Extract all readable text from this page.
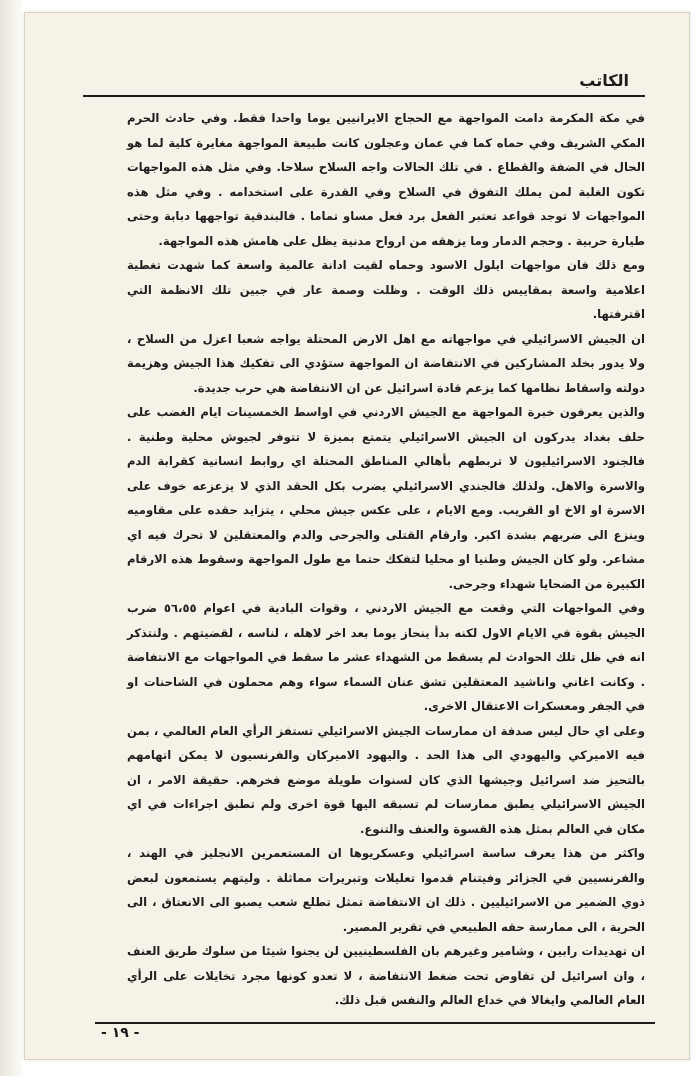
الكاتب

في مكة المكرمة دامت المواجهة مع الحجاج الايرانيين يوما واحدا فقط. وفي حادث الحرم المكي الشريف وفي حماه كما في عمان وعجلون كانت طبيعة المواجهة مغايرة كلية لما هو الحال في الضفة والقطاع . في تلك الحالات واجه السلاح سلاحا. وفي مثل هذه المواجهات تكون الغلبة لمن يملك التفوق في السلاح وفي القدرة على استخدامه . وفي مثل هذه المواجهات لا توجد قواعد تعتبر الفعل برد فعل مساو تماما . فالبندقية تواجهها دبابة وحتى طيارة حربية . وحجم الدمار وما يزهقه من ارواح مدنية يظل على هامش هذه المواجهة.

ومع ذلك فان مواجهات ايلول الاسود وحماه لقيت ادانة عالمية واسعة كما شهدت تغطية اعلامية واسعة بمقاييس ذلك الوقت . وظلت وصمة عار في جبين تلك الانظمة التي اقترفتها.

ان الجيش الاسرائيلي في مواجهاته مع اهل الارض المحتلة يواجه شعبا اعزل من السلاح ، ولا يدور بخلد المشاركين في الانتفاضة ان المواجهة ستؤدي الى تفكيك هذا الجيش وهزيمة دولته واسقاط نظامها كما يزعم قادة اسرائيل عن ان الانتفاضة هي حرب جديدة.

والذين يعرفون خبرة المواجهة مع الجيش الاردني في اواسط الخمسينات ايام الغضب على حلف بغداد يدركون ان الجيش الاسرائيلي يتمتع بميزة لا تتوفر لجيوش محلية وطنية . فالجنود الاسرائيليون لا تربطهم بأهالي المناطق المحتلة اي روابط انسانية كقرابة الدم والاسرة والاهل. ولذلك فالجندي الاسرائيلي يضرب بكل الحقد الذي لا يزعزعه خوف على الاسرة او الاخ او القريب. ومع الايام ، على عكس جيش محلي ، يتزايد حقده على مقاوميه وينزع الى ضربهم بشدة اكبر. وارقام القتلى والجرحى والدم والمعتقلين لا تحرك فيه اي مشاعر. ولو كان الجيش وطنيا او محليا لتفكك حتما مع طول المواجهة وسقوط هذه الارقام الكبيرة من الضحايا شهداء وجرحى.

وفي المواجهات التي وقعت مع الجيش الاردني ، وقوات البادية في اعوام ٥٦،٥٥ ضرب الجيش بقوة في الايام الاول لكنه بدأ ينحاز يوما بعد اخر لاهله ، لناسه ، لقضيتهم . ولنتذكر انه في ظل تلك الحوادث لم يسقط من الشهداء عشر ما سقط في المواجهات مع الانتفاضة . وكانت اغاني واناشيد المعتقلين تشق عنان السماء سواء وهم محملون في الشاحنات او في الجفر ومعسكرات الاعتقال الاخرى.

وعلى اي حال ليس صدفة ان ممارسات الجيش الاسرائيلي تستفز الرأي العام العالمي ، بمن فيه الاميركي واليهودي الى هذا الحد . واليهود الاميركان والفرنسيون لا يمكن اتهامهم بالتحيز ضد اسرائيل وجيشها الذي كان لسنوات طويلة موضع فخرهم. حقيقة الامر ، ان الجيش الاسرائيلي يطبق ممارسات لم تسبقه اليها قوة اخرى ولم تطبق اجراءات في اي مكان في العالم بمثل هذه القسوة والعنف والتنوع.

واكثر من هذا يعرف ساسة اسرائيلي وعسكريوها ان المستعمرين الانجليز في الهند ، والفرنسيين في الجزائر وفيتنام قدموا تعليلات وتبريرات مماثلة . وليتهم يستمعون لبعض ذوي الضمير من الاسرائيليين . ذلك ان الانتفاضة تمثل تطلع شعب يصبو الى الانعتاق ، الى الحرية ، الى ممارسة حقه الطبيعي في تقرير المصير.

ان تهديدات رابين ، وشامير وغيرهم بان الفلسطينيين لن يجنوا شيئا من سلوك طريق العنف ، وان اسرائيل لن تفاوض تحت ضغط الانتفاضة ، لا تعدو كونها مجرد تخايلات على الرأي العام العالمي وايغالا في خداع العالم والنفس قبل ذلك.

- ١٩ -
